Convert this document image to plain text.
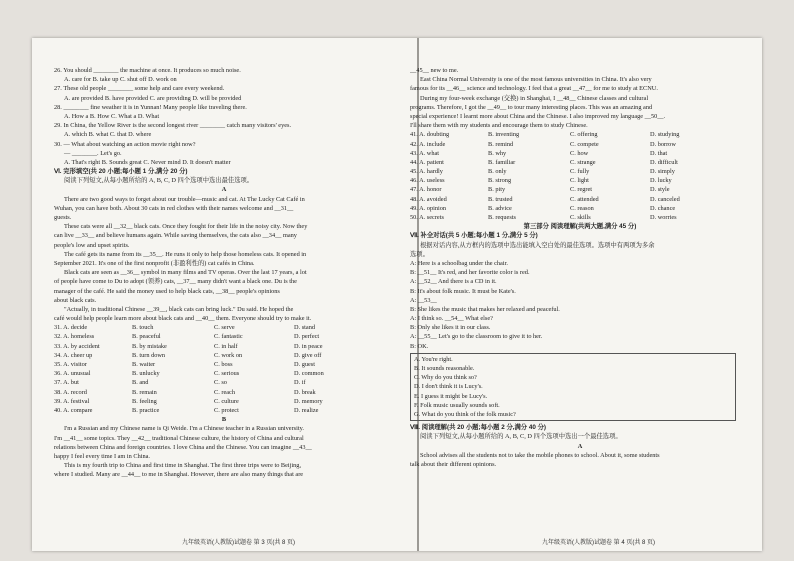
26. You should ________ the machine at once. It produces so much noise.
A. care for B. take up C. shut off D. work on
27. These old people ________ some help and care every weekend.
A. are provided B. have provided C. are providing D. will be provided
28. ________ fine weather it is in Yunnan! Many people like traveling there.
A. How a B. How C. What a D. What
29. In China, the Yellow River is the second longest river ________ catch many visitors' eyes.
A. which B. what C. that D. where
30. — What about watching an action movie right now?
— ________. Let's go.
A. That's right B. Sounds great C. Never mind D. It doesn't matter
Ⅵ. 完形填空(共 20 小题;每小题 1 分,满分 20 分)
阅读下列短文,从每小题所给的 A, B, C, D 四个选项中选出最佳选项。
A
There are two good ways to forget about our trouble—music and cat. At The Lucky Cat Café in
Wuhan, you can have both. About 30 cats in red clothes with their names welcome and __31__
guests.
These cats were all __32__ black cats. Once they fought for their life in the noisy city. Now they
can live __33__ and believe humans again. While saving themselves, the cats also __34__ many
people's low and upset spirits.
The café gets its name from its __35__. He runs it only to help those homeless cats. It opened in
September 2021. It's one of the first nonprofit (非盈利性的) cat cafés in China.
Black cats are seen as __36__ symbol in many films and TV operas. Over the last 17 years, a lot
of people have come to Du to adopt (领养) cats, __37__ many didn't want a black one. Du is the
manager of the café. He said the money used to help black cats, __38__ people's opinions
about black cats.
"Actually, in traditional Chinese __39__, black cats can bring luck." Du said. He hoped the
café would help people learn more about black cats and __40__ them. Everyone should try to make it.
31. A. decide	B. touch	C. serve	D. stand
32. A. homeless	B. peaceful	C. fantastic	D. perfect
33. A. by accident	B. by mistake	C. in half	D. in peace
34. A. cheer up	B. turn down	C. work on	D. give off
35. A. visitor	B. waiter	C. boss	D. guest
36. A. unusual	B. unlucky	C. serious	D. common
37. A. but	B. and	C. so	D. if
38. A. record	B. remain	C. reach	D. break
39. A. festival	B. feeling	C. culture	D. memory
40. A. compare	B. practice	C. protect	D. realize
B
I'm a Russian and my Chinese name is Qi Weide. I'm a Chinese teacher in a Russian university.
I'm __41__ some topics. They __42__ traditional Chinese culture, the history of China and cultural
relations between China and foreign countries. I love China and the Chinese. You can imagine __43__
happy I feel every time I am in China.
This is my fourth trip to China and first time in Shanghai. The first three trips were to Beijing,
where I studied. Many are __44__ to me in Shanghai. However, there are also many things that are
__45__ new to me.
East China Normal University is one of the most famous universities in China. It's also very
famous for its __46__ science and technology. I feel that a great __47__ for me to study at ECNU.
During my four-week exchange (交换) in Shanghai, I __48__ Chinese classes and cultural
programs. Therefore, I got the __49__ to tour many interesting places. This was an amazing and
special experience! I learnt more about China and the Chinese. I also improved my language __50__.
I'll share them with my students and encourage them to study Chinese.
41. A. doubting	B. inventing	C. offering	D. studying
42. A. include	B. remind	C. compete	D. borrow
43. A. what	B. why	C. how	D. that
44. A. patient	B. familiar	C. strange	D. difficult
45. A. hardly	B. only	C. fully	D. simply
46. A. useless	B. strong	C. light	D. lucky
47. A. honor	B. pity	C. regret	D. style
48. A. avoided	B. trusted	C. attended	D. canceled
49. A. opinion	B. advice	C. reason	D. chance
50. A. secrets	B. requests	C. skills	D. worries
第三部分 阅读理解(共两大题,满分 45 分)
Ⅶ. 补全对话(共 5 小题;每小题 1 分,满分 5 分)
根据对话内容,从方框内的选项中选出能填入空白处的最佳选项。选项中有两项为多余
选项。
A: Here is a schoolbag under the chair.
B: __51__ It's red, and her favorite color is red.
A: __52__ And there is a CD in it.
B: It's about folk music. It must be Kate's.
A: __53__
B: She likes the music that makes her relaxed and peaceful.
A: I think so. __54__ What else?
B: Only she likes it in our class.
A: __55__ Let's go to the classroom to give it to her.
B: OK.
A. You're right.
B. It sounds reasonable.
C. Why do you think so?
D. I don't think it is Lucy's.
E. I guess it might be Lucy's.
F. Folk music usually sounds soft.
G. What do you think of the folk music?
Ⅷ. 阅读理解(共 20 小题;每小题 2 分,满分 40 分)
阅读下列短文,从每小题所给的 A, B, C, D 四个选项中选出一个最佳选项。
A
School advises all the students not to take the mobile phones to school. About it, some students
talk about their different opinions.
九年级英语(人教版)试题卷 第 3 页(共 8 页)	九年级英语(人教版)试题卷 第 4 页(共 8 页)
